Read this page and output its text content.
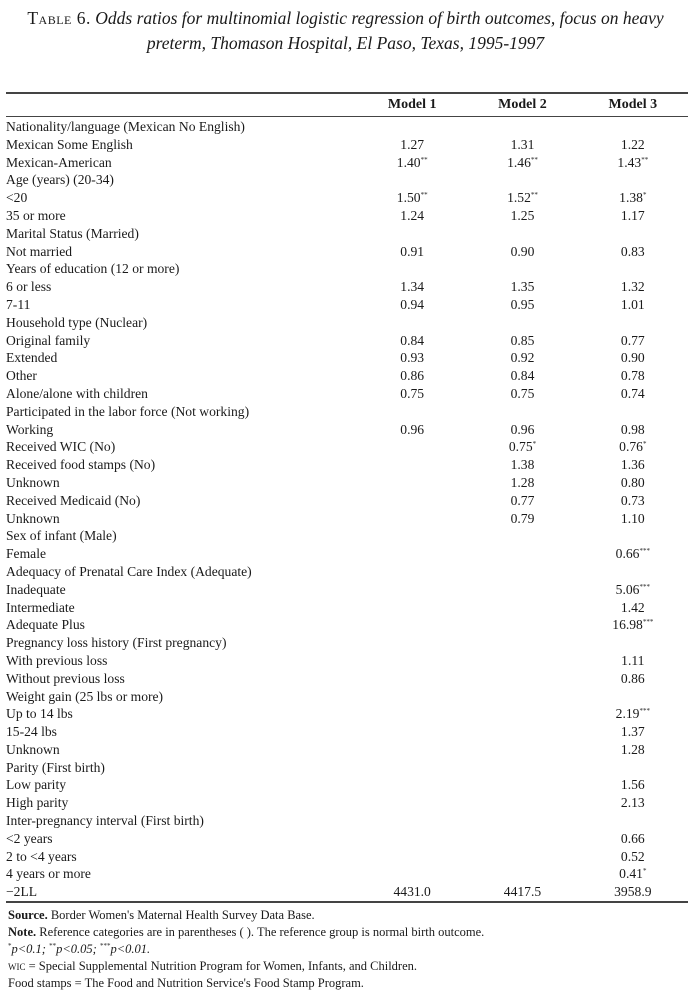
Table 6. Odds ratios for multinomial logistic regression of birth outcomes, focus on heavy preterm, Thomason Hospital, El Paso, Texas, 1995-1997
	Model 1	Model 2	Model 3

Nationality/language (Mexican No English)			
Mexican Some English	1.27	1.31	1.22
Mexican-American	1.40**	1.46**	1.43**
Age (years) (20-34)			
<20	1.50**	1.52**	1.38*
35 or more	1.24	1.25	1.17
Marital Status (Married)			
Not married	0.91	0.90	0.83
Years of education (12 or more)			
6 or less	1.34	1.35	1.32
7-11	0.94	0.95	1.01
Household type (Nuclear)			
Original family	0.84	0.85	0.77
Extended	0.93	0.92	0.90
Other	0.86	0.84	0.78
Alone/alone with children	0.75	0.75	0.74
Participated in the labor force (Not working)			
Working	0.96	0.96	0.98
Received WIC (No)		0.75*	0.76*
Received food stamps (No)		1.38	1.36
Unknown		1.28	0.80
Received Medicaid (No)		0.77	0.73
Unknown		0.79	1.10
Sex of infant (Male)			
Female			0.66***
Adequacy of Prenatal Care Index (Adequate)			
Inadequate			5.06***
Intermediate			1.42
Adequate Plus			16.98***
Pregnancy loss history (First pregnancy)			
With previous loss			1.11
Without previous loss			0.86
Weight gain (25 lbs or more)			
Up to 14 lbs			2.19***
15-24 lbs			1.37
Unknown			1.28
Parity (First birth)			
Low parity			1.56
High parity			2.13
Inter-pregnancy interval (First birth)			
<2 years			0.66
2 to <4 years			0.52
4 years or more			0.41*
−2LL	4431.0	4417.5	3958.9
Source. Border Women's Maternal Health Survey Data Base.
Note. Reference categories are in parentheses ( ). The reference group is normal birth outcome.
*p<0.1; **p<0.05; ***p<0.01.
wic = Special Supplemental Nutrition Program for Women, Infants, and Children.
Food stamps = The Food and Nutrition Service's Food Stamp Program.
